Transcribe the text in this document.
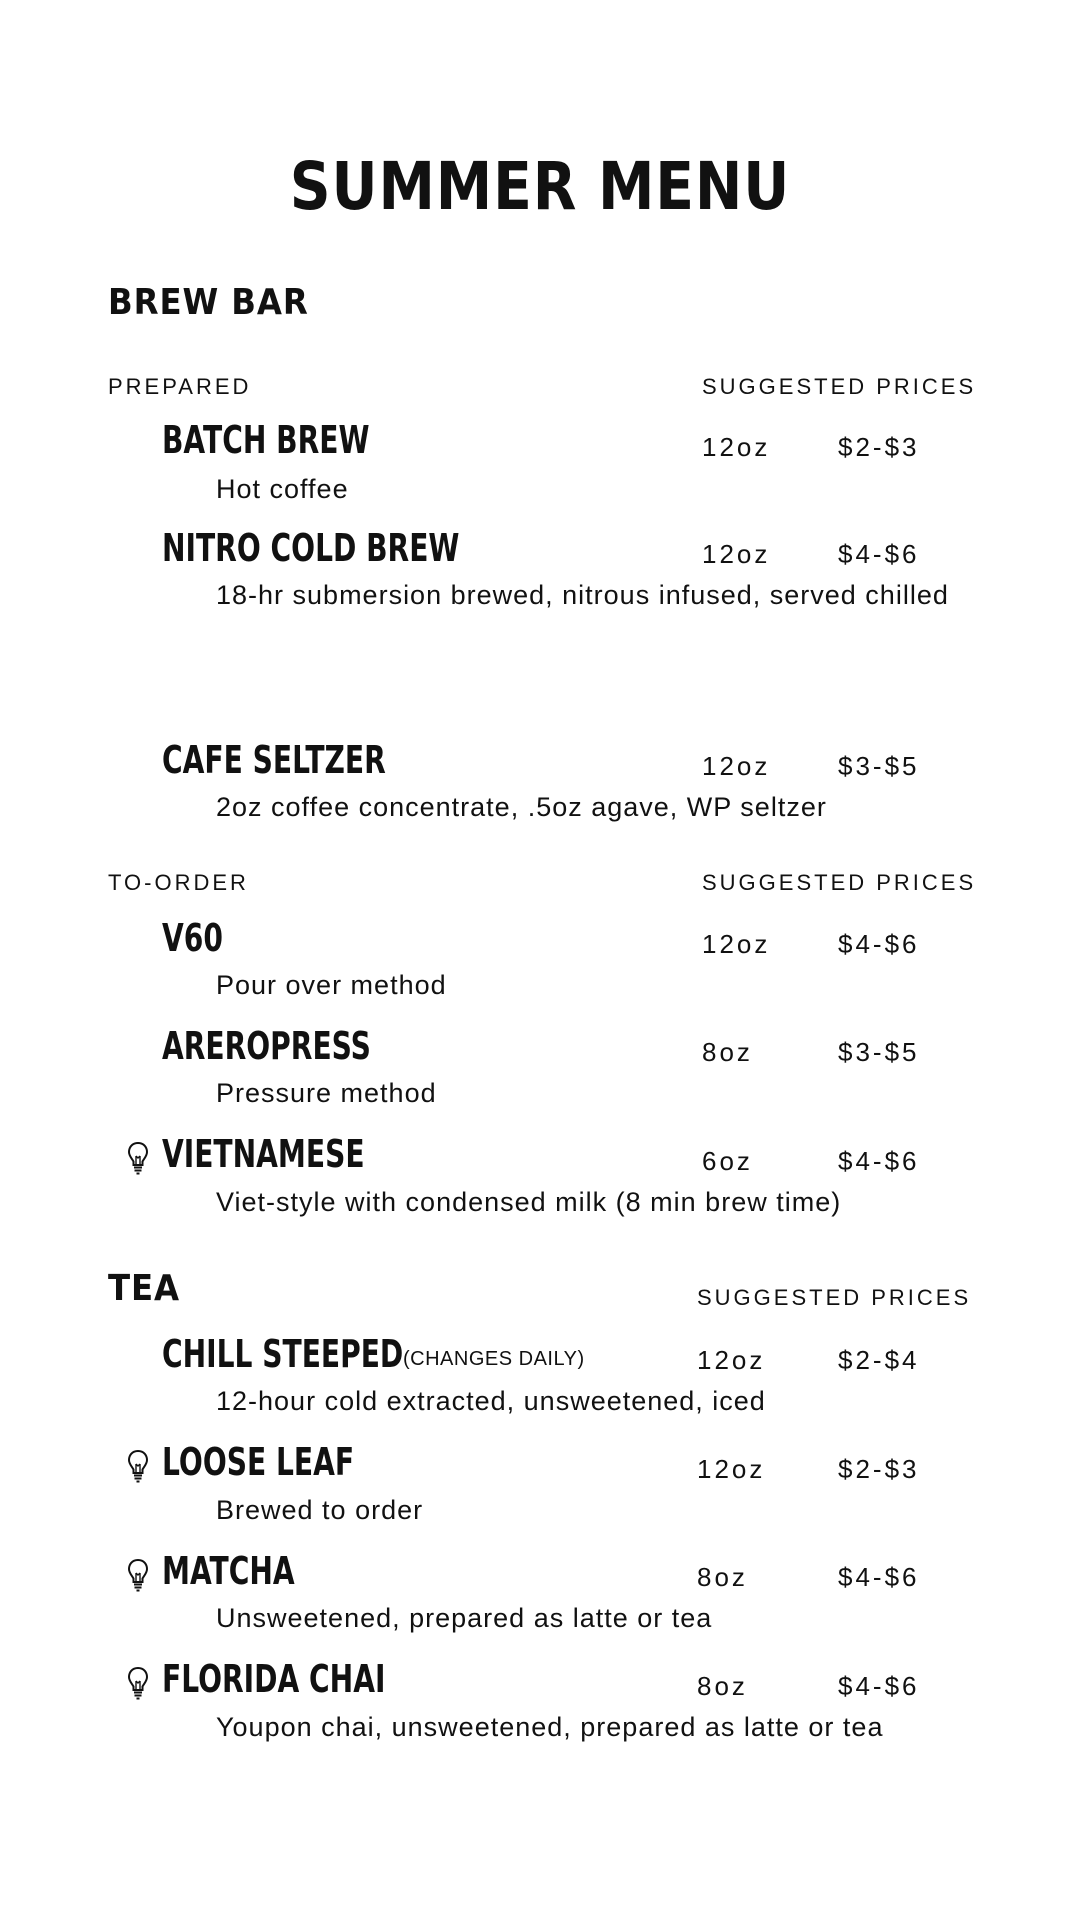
SUMMER MENU
BREW BAR
PREPARED	SUGGESTED PRICES
BATCH BREW	12oz	$2-$3
Hot coffee
NITRO COLD BREW	12oz	$4-$6
18-hr submersion brewed, nitrous infused, served chilled
CAFE SELTZER	12oz	$3-$5
2oz coffee concentrate, .5oz agave, WP seltzer
TO-ORDER	SUGGESTED PRICES
V60	12oz	$4-$6
Pour over method
AREROPRESS	8oz	$3-$5
Pressure method
VIETNAMESE	6oz	$4-$6
Viet-style with condensed milk (8 min brew time)
TEA	SUGGESTED PRICES
CHILL STEEPED (CHANGES DAILY)	12oz	$2-$4
12-hour cold extracted, unsweetened, iced
LOOSE LEAF	12oz	$2-$3
Brewed to order
MATCHA	8oz	$4-$6
Unsweetened, prepared as latte or tea
FLORIDA CHAI	8oz	$4-$6
Youpon chai, unsweetened, prepared as latte or tea
